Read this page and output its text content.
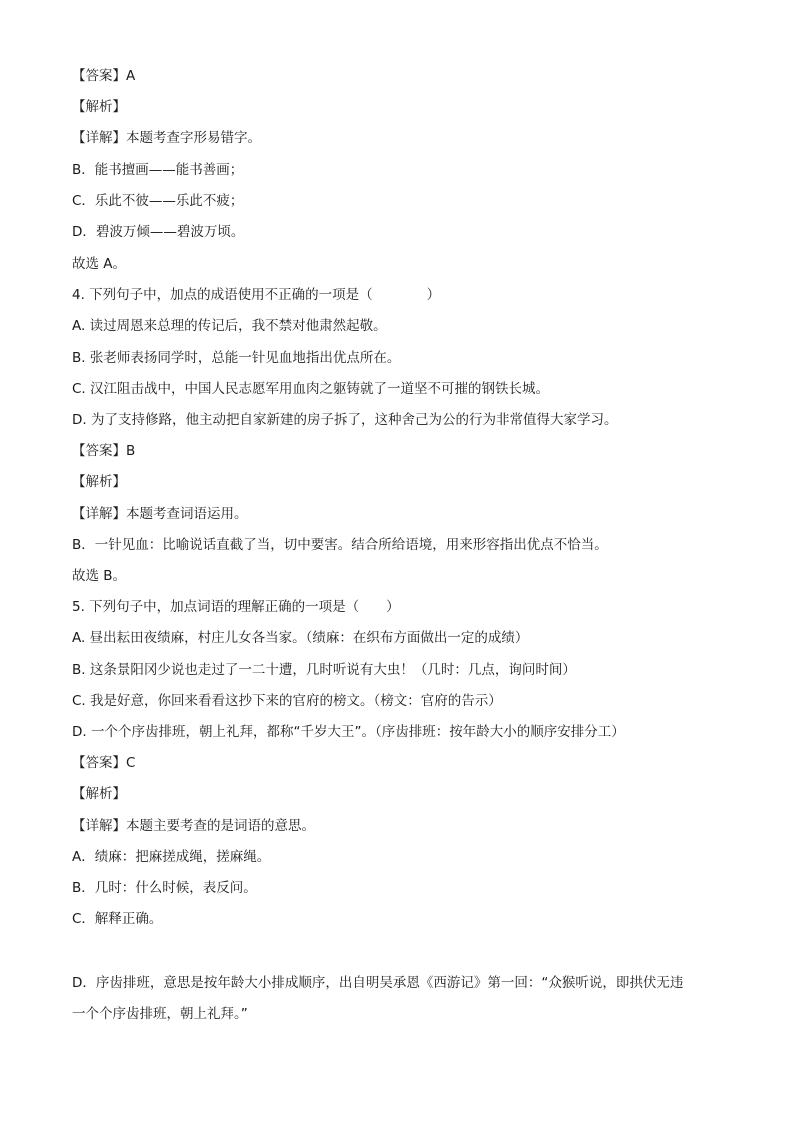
【答案】A
【解析】
【详解】本题考查字形易错字。
B．能书擅画——能书善画；
C．乐此不彼——乐此不疲；
D．碧波万倾——碧波万顷。
故选 A。
4. 下列句子中，加点的成语使用不正确的一项是（　　　　）
A. 读过周恩来总理的传记后，我不禁对他肃然起敬。
B. 张老师表扬同学时，总能一针见血地指出优点所在。
C. 汉江阻击战中，中国人民志愿军用血肉之躯铸就了一道坚不可摧的钢铁长城。
D. 为了支持修路，他主动把自家新建的房子拆了，这种舍己为公的行为非常值得大家学习。
【答案】B
【解析】
【详解】本题考查词语运用。
B．一针见血：比喻说话直截了当，切中要害。结合所给语境，用来形容指出优点不恰当。
故选 B。
5. 下列句子中，加点词语的理解正确的一项是（　　）
A. 昼出耘田夜绩麻，村庄儿女各当家。（绩麻：在织布方面做出一定的成绩）
B. 这条景阳冈少说也走过了一二十遭，几时听说有大虫！（几时：几点，询问时间）
C. 我是好意，你回来看看这抄下来的官府的榜文。（榜文：官府的告示）
D. 一个个序齿排班，朝上礼拜，都称“千岁大王”。（序齿排班：按年龄大小的顺序安排分工）
【答案】C
【解析】
【详解】本题主要考查的是词语的意思。
A．绩麻：把麻搓成绳，搓麻绳。
B．几时：什么时候，表反问。
C．解释正确。
D．序齿排班，意思是按年龄大小排成顺序，出自明吴承恩《西游记》第一回：“众猴听说，即拱伏无违
一个个序齿排班，朝上礼拜。”
